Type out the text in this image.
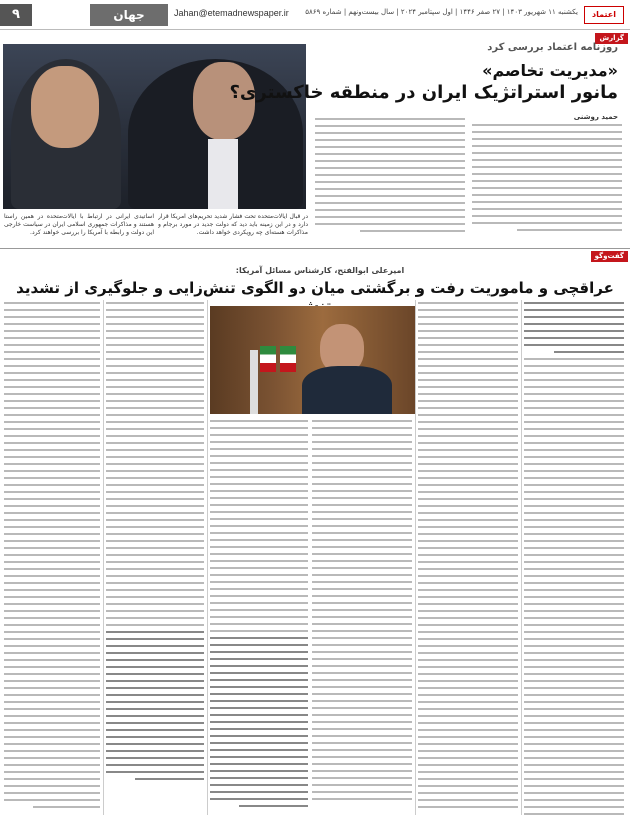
۹	جهان	Jahan@etemadnewspaper.ir یکشنبه ۱۱ شهریور ۱۴۰۳ | ۲۷ صفر ۱۴۴۶ | اول سپتامبر ۲۰۲۴ | سال بیست‌ونهم | شماره ۵۸۶۹	اعتماد
گزارش
روزنامه اعتماد بررسی کرد
«مدیریت تخاصم»
مانور استراتژیک ایران در منطقه خاکستری؟
حمید روشنی
در قبال ایالات‌متحده تحت فشار شدید تحریم‌های آمریکا قرار دارد و در این زمینه باید دید که دولت جدید در مورد برجام و مذاکرات هسته‌ای چه رویکردی خواهد داشت.
اساتیدی ایرانی در ارتباط با ایالات‌متحده در همین راستا هستند و مذاکرات جمهوری اسلامی ایران در سیاست خارجی این دولت و رابطه با آمریکا را بررسی خواهند کرد.
گفت‌وگو
امیرعلی ابوالفتح، کارشناس مسائل آمریکا:
عراقچی و ماموریت رفت و برگشتی میان دو الگوی تنش‌زایی و جلوگیری از تشدید
